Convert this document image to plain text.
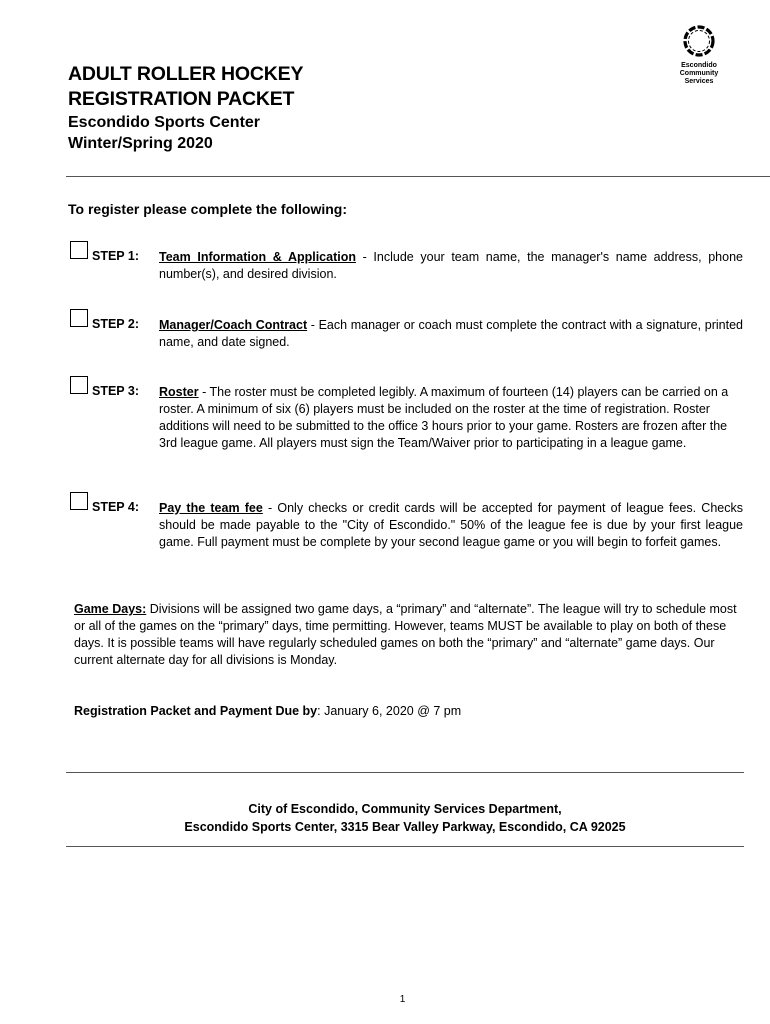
Escondido
Community
Services
ADULT ROLLER HOCKEY
REGISTRATION PACKET
Escondido Sports Center
Winter/Spring 2020
To register please complete the following:
STEP 1: Team Information & Application - Include your team name, the manager's name address, phone number(s), and desired division.
STEP 2: Manager/Coach Contract - Each manager or coach must complete the contract with a signature, printed name, and date signed.
STEP 3: Roster - The roster must be completed legibly. A maximum of fourteen (14) players can be carried on a roster. A minimum of six (6) players must be included on the roster at the time of registration. Roster additions will need to be submitted to the office 3 hours prior to your game. Rosters are frozen after the 3rd league game. All players must sign the Team/Waiver prior to participating in a league game.
STEP 4: Pay the team fee - Only checks or credit cards will be accepted for payment of league fees. Checks should be made payable to the "City of Escondido." 50% of the league fee is due by your first league game. Full payment must be complete by your second league game or you will begin to forfeit games.
Game Days: Divisions will be assigned two game days, a “primary” and “alternate”. The league will try to schedule most or all of the games on the “primary” days, time permitting. However, teams MUST be available to play on both of these days. It is possible teams will have regularly scheduled games on both the “primary” and “alternate” game days. Our current alternate day for all divisions is Monday.
Registration Packet and Payment Due by: January 6, 2020 @ 7 pm
City of Escondido, Community Services Department,
Escondido Sports Center, 3315 Bear Valley Parkway, Escondido, CA 92025
1
